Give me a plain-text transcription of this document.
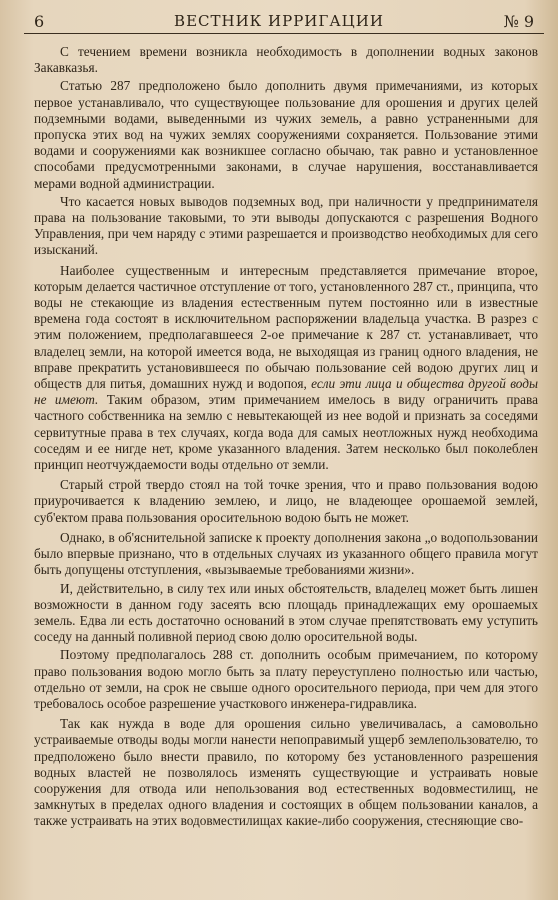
6	ВЕСТНИК ИРРИГАЦИИ	№ 9

С течением времени возникла необходимость в дополнении водных законов Закавказья.

Статью 287 предположено было дополнить двумя примечаниями, из которых первое устанавливало, что существующее пользование для орошения и других целей подземными водами, выведенными из чужих земель, а равно устраненными для пропуска этих вод на чужих землях сооружениями сохраняется. Пользование этими водами и сооружениями как возникшее согласно обычаю, так равно и установленное способами предусмотренными законами, в случае нарушения, восстанавливается мерами водной администрации.

Что касается новых выводов подземных вод, при наличности у предпринимателя права на пользование таковыми, то эти выводы допускаются с разрешения Водного Управления, при чем наряду с этими разрешается и производство необходимых для сего изысканий.

Наиболее существенным и интересным представляется примечание второе, которым делается частичное отступление от того, установленного 287 ст., принципа, что воды не стекающие из владения естественным путем постоянно или в известные времена года состоят в исключительном распоряжении владельца участка. В разрез с этим положением, предполагавшееся 2-ое примечание к 287 ст. устанавливает, что владелец земли, на которой имеется вода, не выходящая из границ одного владения, не вправе прекратить установившееся по обычаю пользование сей водою других лиц и обществ для питья, домашних нужд и водопоя, если эти лица и общества другой воды не имеют. Таким образом, этим примечанием имелось в виду ограничить права частного собственника на землю с невытекающей из нее водой и признать за соседями сервитутные права в тех случаях, когда вода для самых неотложных нужд необходима соседям и ее нигде нет, кроме указанного владения. Затем несколько был поколеблен принцип неотчуждаемости воды отдельно от земли.

Старый строй твердо стоял на той точке зрения, что и право пользования водою приурочивается к владению землею, и лицо, не владеющее орошаемой землей, суб'ектом права пользования оросительною водою быть не может.

Однако, в об'яснительной записке к проекту дополнения закона „о водопользовании было впервые признано, что в отдельных случаях из указанного общего правила могут быть допущены отступления, «вызываемые требованиями жизни».

И, действительно, в силу тех или иных обстоятельств, владелец может быть лишен возможности в данном году засеять всю площадь принадлежащих ему орошаемых земель. Едва ли есть достаточно оснований в этом случае препятствовать ему уступить соседу на данный поливной период свою долю оросительной воды.

Поэтому предполагалось 288 ст. дополнить особым примечанием, по которому право пользования водою могло быть за плату переуступлено полностью или частью, отдельно от земли, на срок не свыше одного оросительного периода, при чем для этого требовалось особое разрешение участкового инженера-гидравлика.

Так как нужда в воде для орошения сильно увеличивалась, а самовольно устраиваемые отводы воды могли нанести непоправимый ущерб землепользователю, то предположено было внести правило, по которому без установленного разрешения водных властей не позволялось изменять существующие и устраивать новые сооружения для отвода или непользования вод естественных водовместилищ, не замкнутых в пределах одного владения и состоящих в общем пользовании каналов, а также устраивать на этих водовместилищах какие-либо сооружения, стесняющие сво-
